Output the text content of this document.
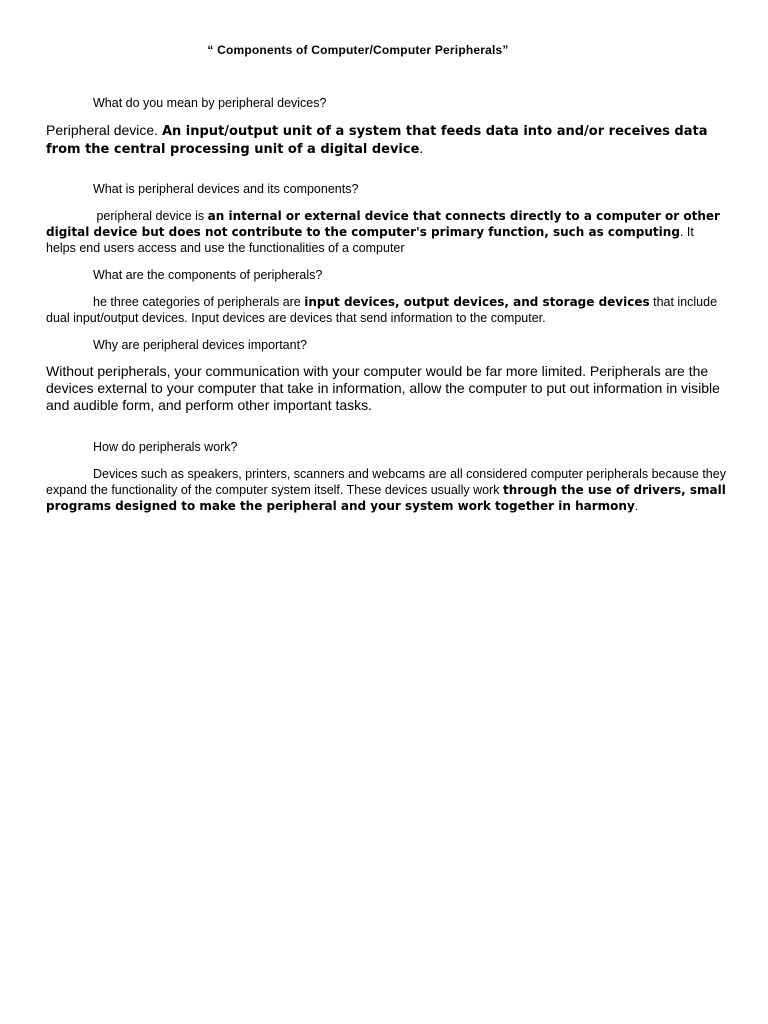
“ Components of Computer/Computer Peripherals”
What do you mean by peripheral devices?
Peripheral device. An input/output unit of a system that feeds data into and/or receives data from the central processing unit of a digital device.
What is peripheral devices and its components?
peripheral device is an internal or external device that connects directly to a computer or other digital device but does not contribute to the computer's primary function, such as computing. It helps end users access and use the functionalities of a computer
What are the components of peripherals?
he three categories of peripherals are input devices, output devices, and storage devices that include dual input/output devices. Input devices are devices that send information to the computer.
Why are peripheral devices important?
Without peripherals, your communication with your computer would be far more limited. Peripherals are the devices external to your computer that take in information, allow the computer to put out information in visible and audible form, and perform other important tasks.
How do peripherals work?
Devices such as speakers, printers, scanners and webcams are all considered computer peripherals because they expand the functionality of the computer system itself. These devices usually work through the use of drivers, small programs designed to make the peripheral and your system work together in harmony.
